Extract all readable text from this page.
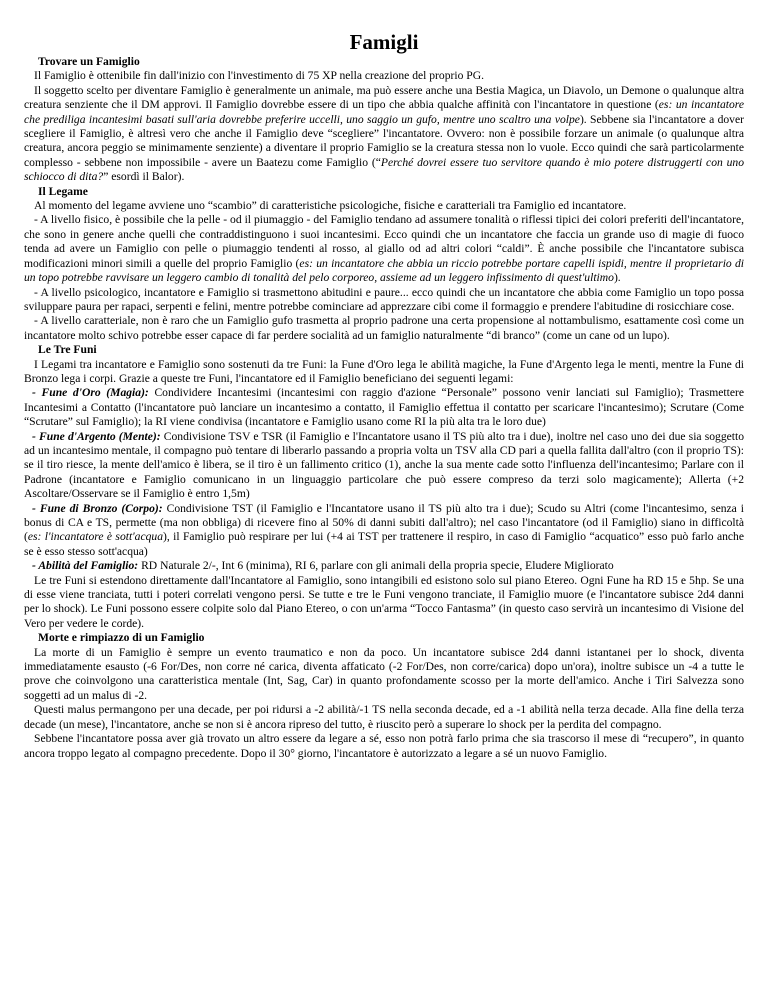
Famigli

Trovare un Famiglio

Il Famiglio è ottenibile fin dall'inizio con l'investimento di 75 XP nella creazione del proprio PG.

Il soggetto scelto per diventare Famiglio è generalmente un animale, ma può essere anche una Bestia Magica, un Diavolo, un Demone o qualunque altra creatura senziente che il DM approvi. Il Famiglio dovrebbe essere di un tipo che abbia qualche affinità con l'incantatore in questione (es: un incantatore che prediliga incantesimi basati sull'aria dovrebbe preferire uccelli, uno saggio un gufo, mentre uno scaltro una volpe). Sebbene sia l'incantatore a dover scegliere il Famiglio, è altresì vero che anche il Famiglio deve “scegliere” l'incantatore. Ovvero: non è possibile forzare un animale (o qualunque altra creatura, ancora peggio se minimamente senziente) a diventare il proprio Famiglio se la creatura stessa non lo vuole. Ecco quindi che sarà particolarmente complesso - sebbene non impossibile - avere un Baatezu come Famiglio (“Perché dovrei essere tuo servitore quando è mio potere distruggerti con uno schiocco di dita?” esordì il Balor).

Il Legame

Al momento del legame avviene uno “scambio” di caratteristiche psicologiche, fisiche e caratteriali tra Famiglio ed incantatore.

- A livello fisico, è possibile che la pelle - od il piumaggio - del Famiglio tendano ad assumere tonalità o riflessi tipici dei colori preferiti dell'incantatore, che sono in genere anche quelli che contraddistinguono i suoi incantesimi. Ecco quindi che un incantatore che faccia un grande uso di magie di fuoco tenda ad avere un Famiglio con pelle o piumaggio tendenti al rosso, al giallo od ad altri colori “caldi”. È anche possibile che l'incantatore subisca modificazioni minori simili a quelle del proprio Famiglio (es: un incantatore che abbia un riccio potrebbe portare capelli ispidi, mentre il proprietario di un topo potrebbe ravvisare un leggero cambio di tonalità del pelo corporeo, assieme ad un leggero infissimento di quest'ultimo).

- A livello psicologico, incantatore e Famiglio si trasmettono abitudini e paure... ecco quindi che un incantatore che abbia come Famiglio un topo possa sviluppare paura per rapaci, serpenti e felini, mentre potrebbe cominciare ad apprezzare cibi come il formaggio e prendere l'abitudine di rosicchiare cose.

- A livello caratteriale, non è raro che un Famiglio gufo trasmetta al proprio padrone una certa propensione al nottambulismo, esattamente così come un incantatore molto schivo potrebbe esser capace di far perdere socialità ad un famiglio naturalmente “di branco” (come un cane od un lupo).

Le Tre Funi

I Legami tra incantatore e Famiglio sono sostenuti da tre Funi: la Fune d'Oro lega le abilità magiche, la Fune d'Argento lega le menti, mentre la Fune di Bronzo lega i corpi. Grazie a queste tre Funi, l'incantatore ed il Famiglio beneficiano dei seguenti legami:

- Fune d'Oro (Magia): Condividere Incantesimi (incantesimi con raggio d'azione “Personale” possono venir lanciati sul Famiglio); Trasmettere Incantesimi a Contatto (l'incantatore può lanciare un incantesimo a contatto, il Famiglio effettua il contatto per scaricare l'incantesimo); Scrutare (Come “Scrutare” sul Famiglio); la RI viene condivisa (incantatore e Famiglio usano come RI la più alta tra le loro due)

- Fune d'Argento (Mente): Condivisione TSV e TSR (il Famiglio e l'Incantatore usano il TS più alto tra i due), inoltre nel caso uno dei due sia soggetto ad un incantesimo mentale, il compagno può tentare di liberarlo passando a propria volta un TSV alla CD pari a quella fallita dall'altro (con il proprio TS): se il tiro riesce, la mente dell'amico è libera, se il tiro è un fallimento critico (1), anche la sua mente cade sotto l'influenza dell'incantesimo; Parlare con il Padrone (incantatore e Famiglio comunicano in un linguaggio particolare che può essere compreso da terzi solo magicamente); Allerta (+2 Ascoltare/Osservare se il Famiglio è entro 1,5m)

- Fune di Bronzo (Corpo): Condivisione TST (il Famiglio e l'Incantatore usano il TS più alto tra i due); Scudo su Altri (come l'incantesimo, senza i bonus di CA e TS, permette (ma non obbliga) di ricevere fino al 50% di danni subiti dall'altro); nel caso l'incantatore (od il Famiglio) siano in difficoltà (es: l'incantatore è sott'acqua), il Famiglio può respirare per lui (+4 ai TST per trattenere il respiro, in caso di Famiglio “acquatico” esso può farlo anche se è esso stesso sott'acqua)

- Abilità del Famiglio: RD Naturale 2/-, Int 6 (minima), RI 6, parlare con gli animali della propria specie, Eludere Migliorato

Le tre Funi si estendono direttamente dall'Incantatore al Famiglio, sono intangibili ed esistono solo sul piano Etereo. Ogni Fune ha RD 15 e 5hp. Se una di esse viene tranciata, tutti i poteri correlati vengono persi. Se tutte e tre le Funi vengono tranciate, il Famiglio muore (e l'incantatore subisce 2d4 danni per lo shock). Le Funi possono essere colpite solo dal Piano Etereo, o con un'arma “Tocco Fantasma” (in questo caso servirà un incantesimo di Visione del Vero per vedere le corde).

Morte e rimpiazzo di un Famiglio

La morte di un Famiglio è sempre un evento traumatico e non da poco. Un incantatore subisce 2d4 danni istantanei per lo shock, diventa immediatamente esausto (-6 For/Des, non corre né carica, diventa affaticato (-2 For/Des, non corre/carica) dopo un'ora), inoltre subisce un -4 a tutte le prove che coinvolgono una caratteristica mentale (Int, Sag, Car) in quanto profondamente scosso per la morte dell'amico. Anche i Tiri Salvezza sono soggetti ad un malus di -2.

Questi malus permangono per una decade, per poi ridursi a -2 abilità/-1 TS nella seconda decade, ed a -1 abilità nella terza decade. Alla fine della terza decade (un mese), l'incantatore, anche se non si è ancora ripreso del tutto, è riuscito però a superare lo shock per la perdita del compagno.

Sebbene l'incantatore possa aver già trovato un altro essere da legare a sé, esso non potrà farlo prima che sia trascorso il mese di “recupero”, in quanto ancora troppo legato al compagno precedente. Dopo il 30° giorno, l'incantatore è autorizzato a legare a sé un nuovo Famiglio.
